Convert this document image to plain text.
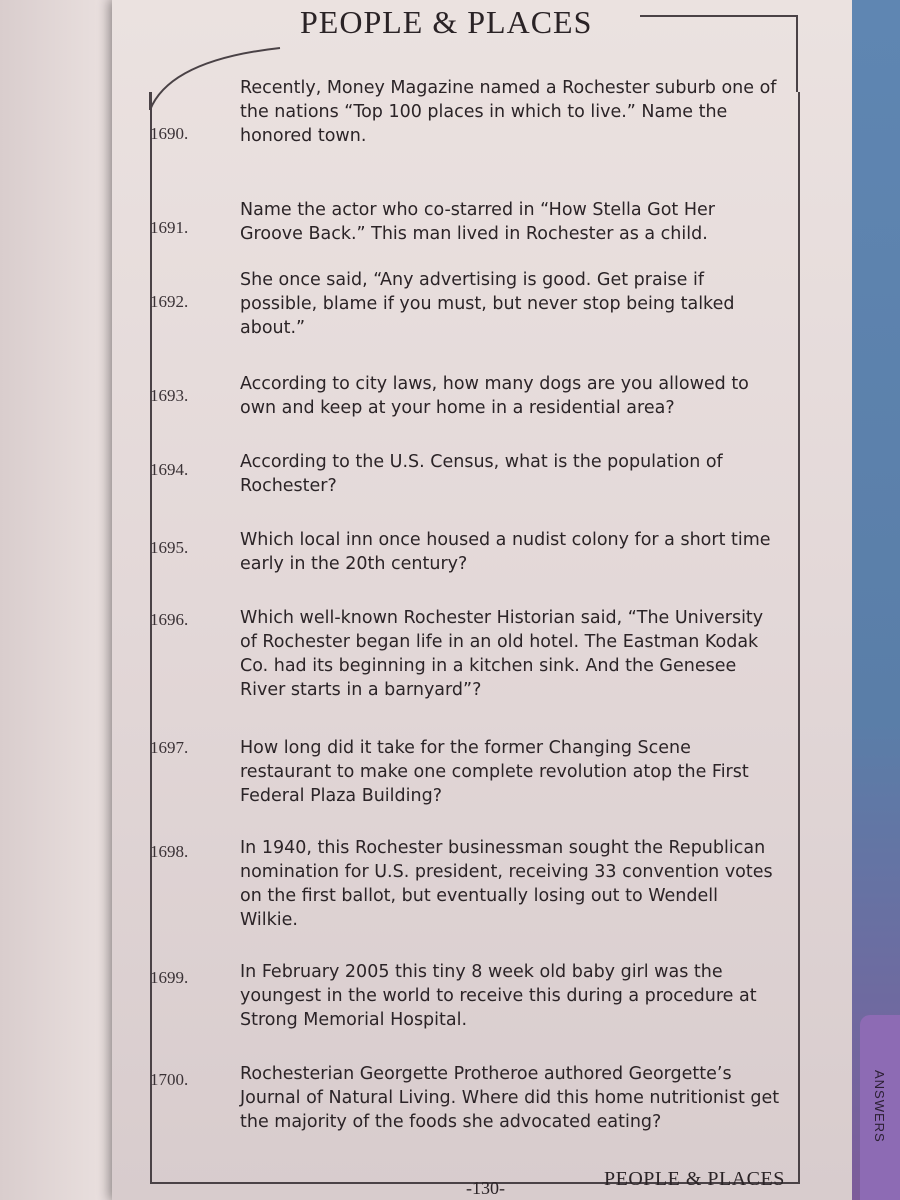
ANSWERS
PEOPLE & PLACES
1690.
Recently, Money Magazine named a Rochester suburb one of the nations “Top 100 places in which to live.” Name the honored town.
1691.
Name the actor who co-starred in “How Stella Got Her Groove Back.” This man lived in Rochester as a child.
1692.
She once said, “Any advertising is good. Get praise if possible, blame if you must, but never stop being talked about.”
1693.
According to city laws, how many dogs are you allowed to own and keep at your home in a residential area?
1694.	According to the U.S. Census, what is the population of Rochester?
1695.	Which local inn once housed a nudist colony for a short time early in the 20th century?
1696.	Which well-known Rochester Historian said, “The University of Rochester began life in an old hotel. The Eastman Kodak Co. had its beginning in a kitchen sink. And the Genesee River starts in a barnyard”?
1697.	How long did it take for the former Changing Scene restaurant to make one complete revolution atop the First Federal Plaza Building?
1698.	In 1940, this Rochester businessman sought the Republican nomination for U.S. president, receiving 33 convention votes on the first ballot, but eventually losing out to Wendell Wilkie.
1699.	In February 2005 this tiny 8 week old baby girl was the youngest in the world to receive this during a procedure at Strong Memorial Hospital.
1700.	Rochesterian Georgette Protheroe authored Georgette’s Journal of Natural Living. Where did this home nutritionist get the majority of the foods she advocated eating?
-130-	PEOPLE & PLACES
